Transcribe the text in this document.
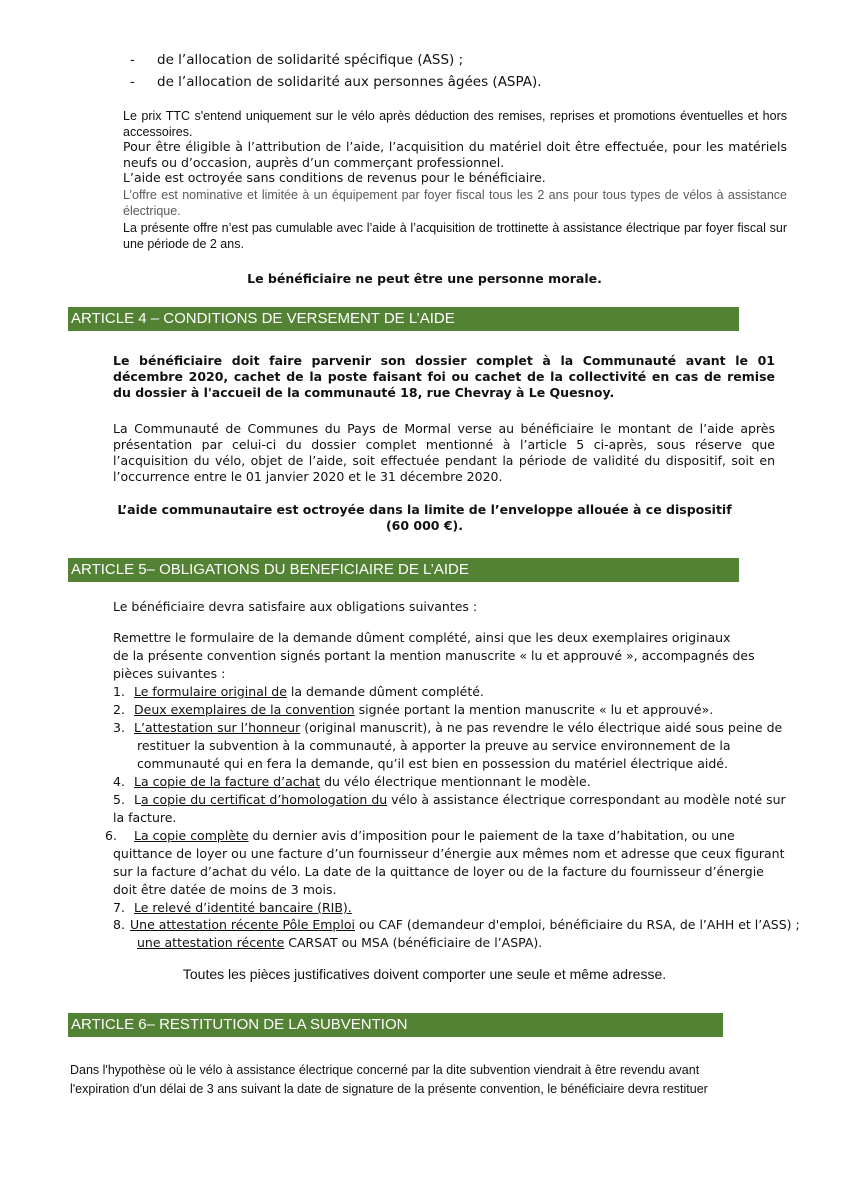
- de l’allocation de solidarité spécifique (ASS) ;
- de l’allocation de solidarité aux personnes âgées (ASPA).
Le prix TTC s'entend uniquement sur le vélo après déduction des remises, reprises et promotions éventuelles et hors accessoires.
Pour être éligible à l’attribution de l’aide, l’acquisition du matériel doit être effectuée, pour les matériels neufs ou d’occasion, auprès d’un commerçant professionnel.
L’aide est octroyée sans conditions de revenus pour le bénéficiaire.
L’offre est nominative et limitée à un équipement par foyer fiscal tous les 2 ans pour tous types de vélos à assistance électrique.
La présente offre n’est pas cumulable avec l’aide à l’acquisition de trottinette à assistance électrique par foyer fiscal sur une période de 2 ans.
Le bénéficiaire ne peut être une personne morale.
ARTICLE 4 – CONDITIONS DE VERSEMENT DE L’AIDE
Le bénéficiaire doit faire parvenir son dossier complet à la Communauté avant le 01 décembre 2020, cachet de la poste faisant foi ou cachet de la collectivité en cas de remise du dossier à l'accueil de la communauté 18, rue Chevray à Le Quesnoy.
La Communauté de Communes du Pays de Mormal verse au bénéficiaire le montant de l’aide après présentation par celui-ci du dossier complet mentionné à l’article 5 ci-après, sous réserve que l’acquisition du vélo, objet de l’aide, soit effectuée pendant la période de validité du dispositif, soit en l’occurrence entre le 01 janvier 2020 et le 31 décembre 2020.
L’aide communautaire est octroyée dans la limite de l’enveloppe allouée à ce dispositif
(60 000 €).
ARTICLE 5– OBLIGATIONS DU BENEFICIAIRE DE L’AIDE
Le bénéficiaire devra satisfaire aux obligations suivantes :
Remettre le formulaire de la demande dûment complété, ainsi que les deux exemplaires originaux
de la présente convention signés portant la mention manuscrite « lu et approuvé », accompagnés des
pièces suivantes :
1. Le formulaire original de la demande dûment complété.
2. Deux exemplaires de la convention signée portant la mention manuscrite « lu et approuvé».
3. L’attestation sur l’honneur (original manuscrit), à ne pas revendre le vélo électrique aidé sous peine de
restituer la subvention à la communauté, à apporter la preuve au service environnement de la
communauté qui en fera la demande, qu’il est bien en possession du matériel électrique aidé.
4. La copie de la facture d’achat du vélo électrique mentionnant le modèle.
5. La copie du certificat d’homologation du vélo à assistance électrique correspondant au modèle noté sur
la facture.
6. La copie complète du dernier avis d’imposition pour le paiement de la taxe d’habitation, ou une
quittance de loyer ou une facture d’un fournisseur d’énergie aux mêmes nom et adresse que ceux figurant
sur la facture d’achat du vélo. La date de la quittance de loyer ou de la facture du fournisseur d’énergie
doit être datée de moins de 3 mois.
7. Le relevé d’identité bancaire (RIB).
8. Une attestation récente Pôle Emploi ou CAF (demandeur d'emploi, bénéficiaire du RSA, de l’AHH et l’ASS) ;
une attestation récente CARSAT ou MSA (bénéficiaire de l’ASPA).
Toutes les pièces justificatives doivent comporter une seule et même adresse.
ARTICLE 6– RESTITUTION DE LA SUBVENTION
Dans l'hypothèse où le vélo à assistance électrique concerné par la dite subvention viendrait à être revendu avant
l'expiration d'un délai de 3 ans suivant la date de signature de la présente convention, le bénéficiaire devra restituer
